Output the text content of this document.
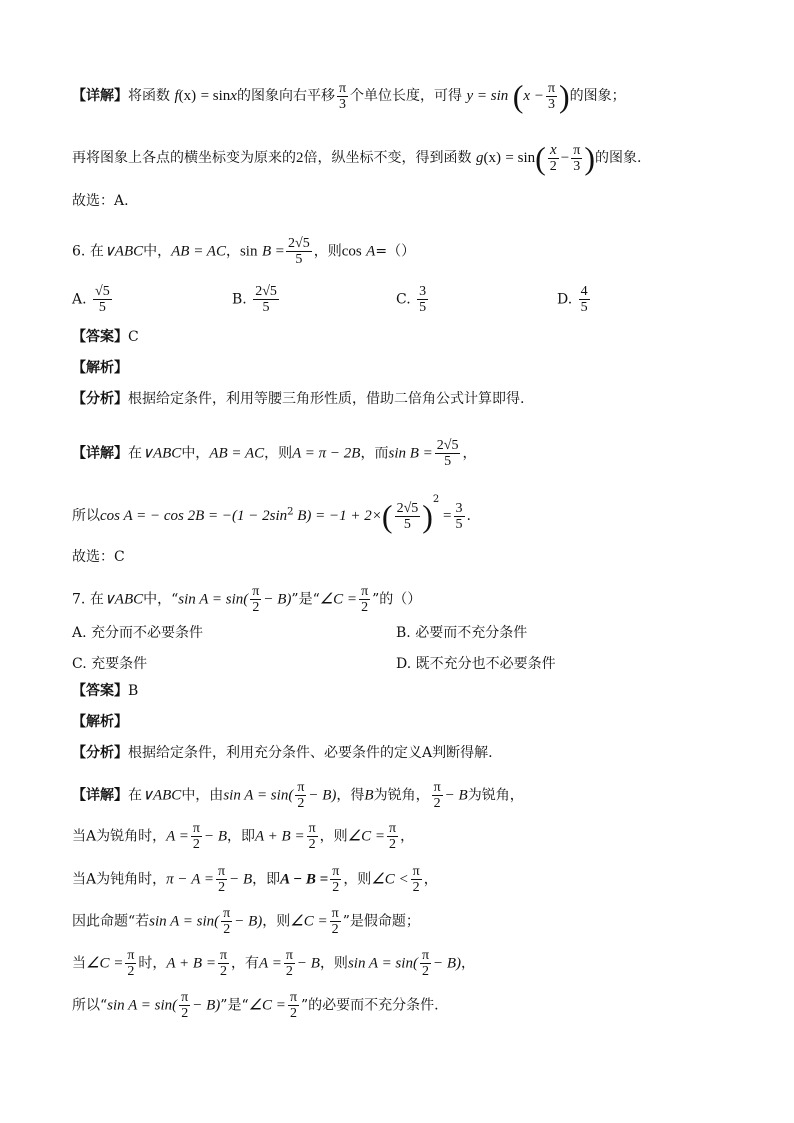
【详解】将函数 f(x) = sinx的图象向右平移 $\frac{\pi}{3}$ 个单位长度，可得 $y = \sin (x - \frac{\pi}{3}$ )的图象；
再将图象上各点的横坐标变为原来的2倍，纵坐标不变，得到函数 $g(x) = \sin( \frac{x}{2} - \frac{\pi}{3}$ )的图象.
故选：A.
6. 在∨ABC中，AB = AC，$\sin B = \frac{2√5}{5}$ ，则cos A=（）
A. $\frac{√5}{5}$	B. $\frac{2√5}{5}$	C. $\frac{3}{5}$	D. $\frac{4}{5}$
【答案】C
【解析】
【分析】根据给定条件，利用等腰三角形性质，借助二倍角公式计算即得.
【详解】在∨ABC中，AB = AC，则A = π − 2B，而$\sin B = \frac{2√5}{5}$ ，
所以cos A = − $\cos 2B = -(1 - 2\sin^2$ $B) = -1 + 2\times( \frac{2√5}{5} )^2 = \frac{3}{5}$ .
故选：C
7. 在∨ABC中，“sin $A = \sin( \frac{\pi}{2} - B)$”是“∠C = $\frac{\pi}{2}$ ”的（）
A. 充分而不必要条件	B. 必要而不充分条件
C. 充要条件	D. 既不充分也不必要条件
【答案】B
【解析】
【分析】根据给定条件，利用充分条件、必要条件的定义A判断得解.
【详解】在∨ABC中，由$\sin A = \sin( \frac{\pi}{2} - B)$，得B为锐角， $\frac{\pi}{2} - B$为锐角，
当A为锐角时，$A = \frac{\pi}{2} - B$，即$A + B = \frac{\pi}{2}$ ，则∠C = $\frac{\pi}{2}$ ，
当A为钝角时，$\pi - A = \frac{\pi}{2} - B$，即$A - B = \frac{\pi}{2}$ ，则∠C < $\frac{\pi}{2}$ ，
因此命题“若$\sin A = \sin( \frac{\pi}{2} - B)$，则∠C = $\frac{\pi}{2}$ ”是假命题；
当∠C = $\frac{\pi}{2}$ 时，$A + B = \frac{\pi}{2}$ ，有$A = \frac{\pi}{2} - B$，则$\sin A = \sin( \frac{\pi}{2} - B)$，
所以“sin $A = \sin( \frac{\pi}{2} - B)$”是“∠C = $\frac{\pi}{2}$ ”的必要而不充分条件.
